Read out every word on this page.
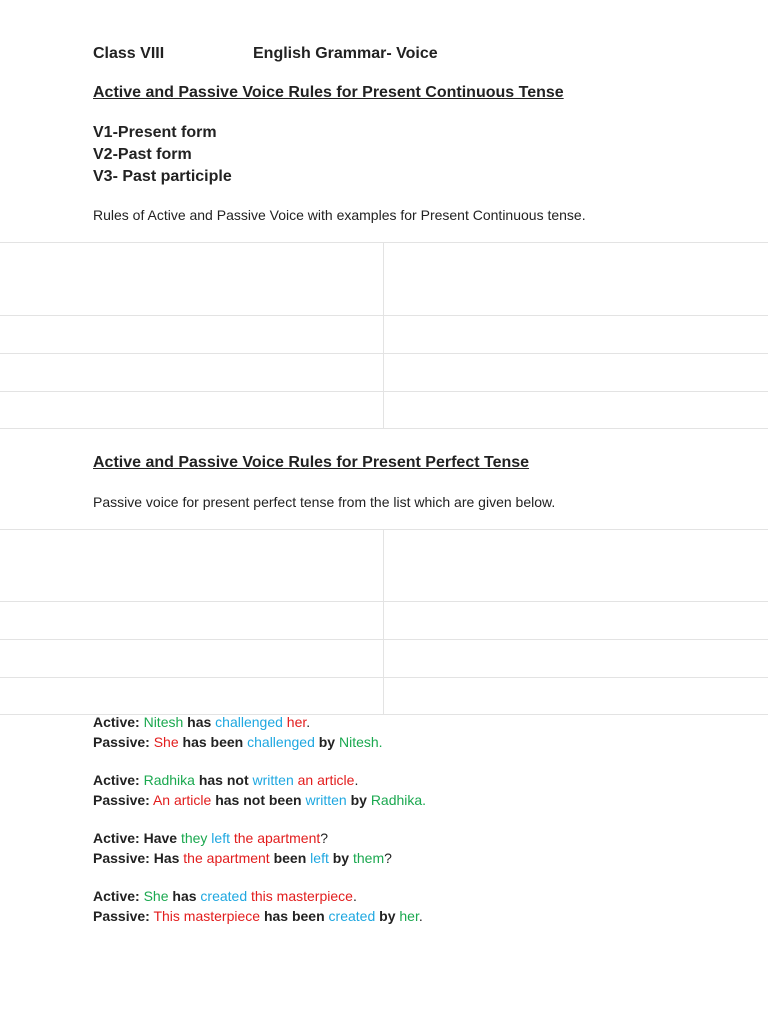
Class VIII	English Grammar- Voice
Active and Passive Voice Rules for Present Continuous Tense
V1-Present form
V2-Past form
V3- Past participle
Rules of Active and Passive Voice with examples for Present Continuous tense.
Active and Passive Voice Rules for Present Perfect Tense
Passive voice for present perfect tense from the list which are given below.
Active: Nitesh has challenged her.
Passive: She has been challenged by Nitesh.
Active: Radhika has not written an article.
Passive: An article has not been written by Radhika.
Active: Have they left the apartment?
Passive: Has the apartment been left by them?
Active: She has created this masterpiece.
Passive: This masterpiece has been created by her.
